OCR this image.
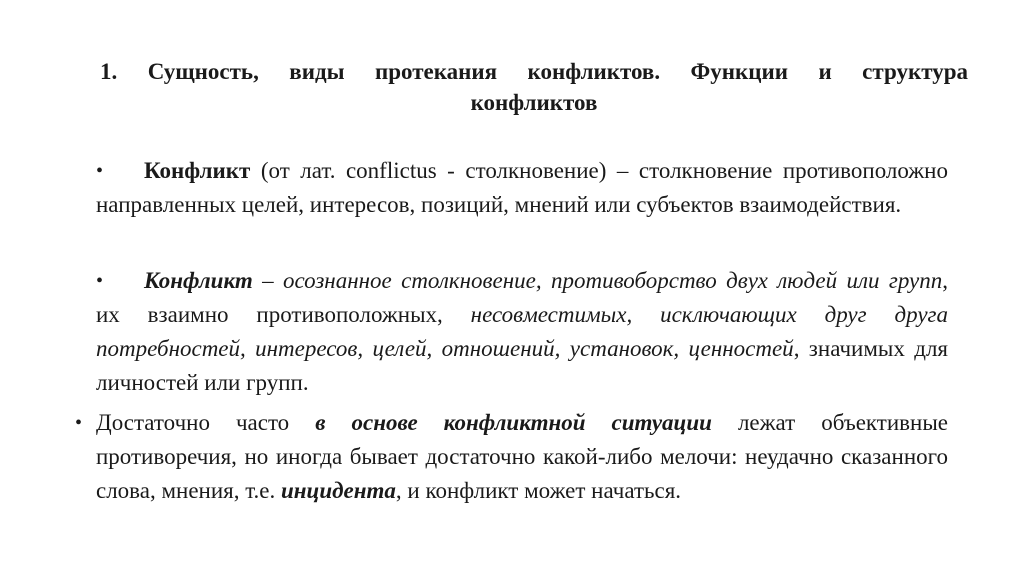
1. Сущность, виды протекания конфликтов. Функции и структура
конфликтов
•	Конфликт (от лат. conflictus - столкновение) – столкновение противоположно направленных целей, интересов, позиций, мнений или субъектов взаимодействия.
•	Конфликт – осознанное столкновение, противоборство двух людей или групп, их взаимно противоположных, несовместимых, исключающих друг друга потребностей, интересов, целей, отношений, установок, ценностей, значимых для личностей или групп.
• Достаточно часто в основе конфликтной ситуации лежат объективные противоречия, но иногда бывает достаточно какой-либо мелочи: неудачно сказанного слова, мнения, т.е. инцидента, и конфликт может начаться.
